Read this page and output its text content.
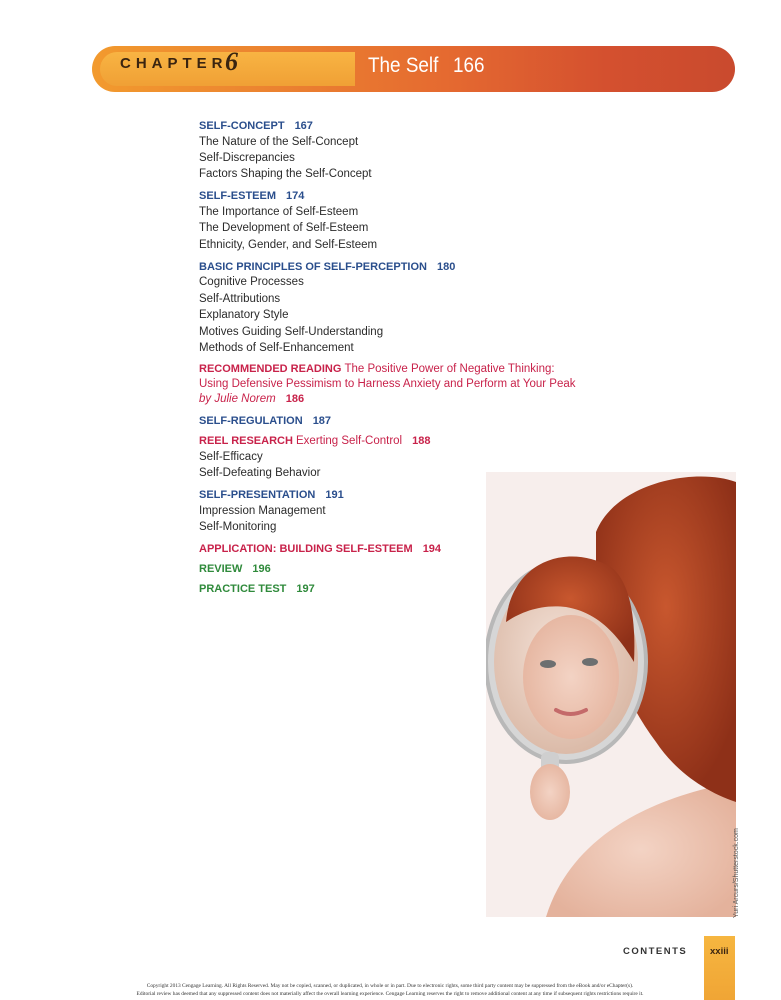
CHAPTER
6	The Self 166
SELF-CONCEPT 167
The Nature of the Self-Concept
Self-Discrepancies
Factors Shaping the Self-Concept
SELF-ESTEEM 174
The Importance of Self-Esteem
The Development of Self-Esteem
Ethnicity, Gender, and Self-Esteem
BASIC PRINCIPLES OF SELF-PERCEPTION 180
Cognitive Processes
Self-Attributions
Explanatory Style
Motives Guiding Self-Understanding
Methods of Self-Enhancement
RECOMMENDED READING The Positive Power of Negative Thinking:
Using Defensive Pessimism to Harness Anxiety and Perform at Your Peak
by Julie Norem 186
SELF-REGULATION 187
REEL RESEARCH Exerting Self-Control 188
Self-Efficacy
Self-Defeating Behavior
SELF-PRESENTATION 191
Impression Management
Self-Monitoring
APPLICATION: BUILDING SELF-ESTEEM 194
REVIEW 196
PRACTICE TEST 197
Yuri Arcurs/Shutterstock.com
CONTENTS xxiii
Copyright 2013 Cengage Learning. All Rights Reserved. May not be copied, scanned, or duplicated, in whole or in part. Due to electronic rights, some third party content may be suppressed from the eBook and/or eChapter(s).
Editorial review has deemed that any suppressed content does not materially affect the overall learning experience. Cengage Learning reserves the right to remove additional content at any time if subsequent rights restrictions require it.
